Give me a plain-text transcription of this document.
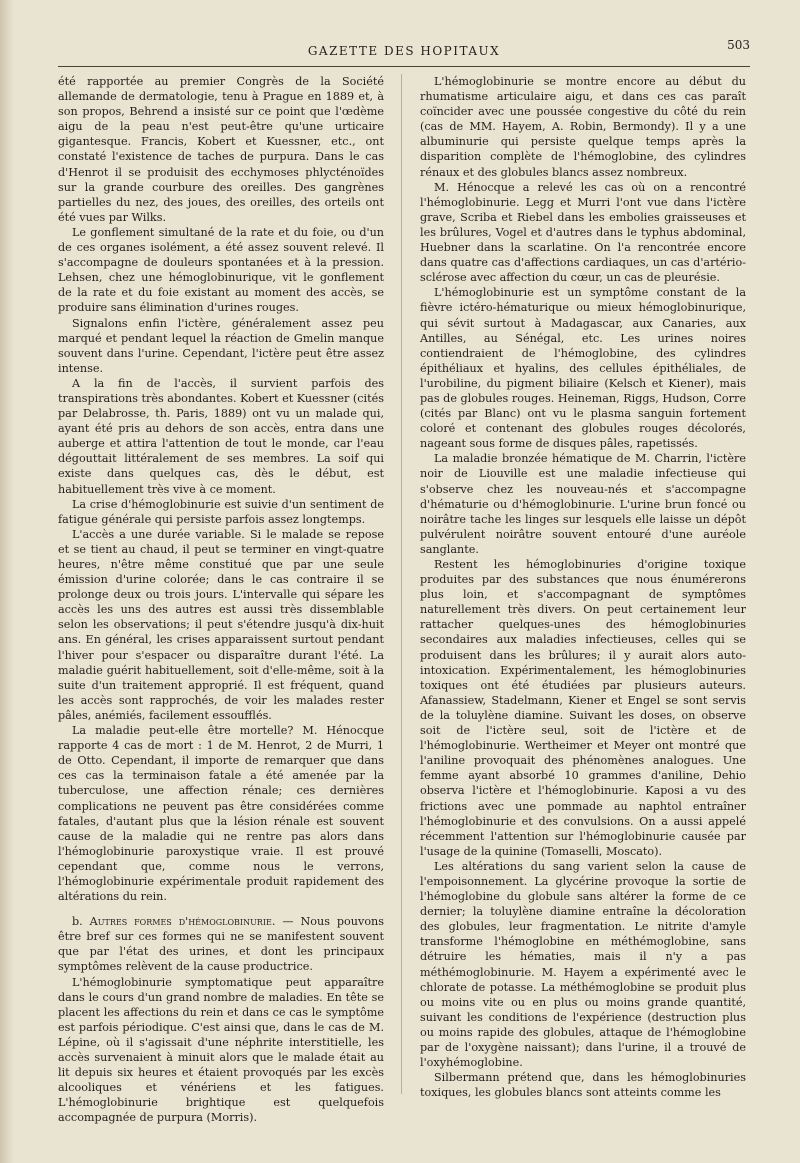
GAZETTE DES HOPITAUX	503

été rapportée au premier Congrès de la Société allemande de dermatologie, tenu à Prague en 1889 et, à son propos, Behrend a insisté sur ce point que l'œdème aigu de la peau n'est peut-être qu'une urticaire gigantesque. Francis, Kobert et Kuessner, etc., ont constaté l'existence de taches de purpura. Dans le cas d'Henrot il se produisit des ecchymoses phlycténoïdes sur la grande courbure des oreilles. Des gangrènes partielles du nez, des joues, des oreilles, des orteils ont été vues par Wilks.

Le gonflement simultané de la rate et du foie, ou d'un de ces organes isolément, a été assez souvent relevé. Il s'accompagne de douleurs spontanées et à la pression. Lehsen, chez une hémoglobinurique, vit le gonflement de la rate et du foie existant au moment des accès, se produire sans élimination d'urines rouges.

Signalons enfin l'ictère, généralement assez peu marqué et pendant lequel la réaction de Gmelin manque souvent dans l'urine. Cependant, l'ictère peut être assez intense.

A la fin de l'accès, il survient parfois des transpirations très abondantes. Kobert et Kuessner (cités par Delabrosse, th. Paris, 1889) ont vu un malade qui, ayant été pris au dehors de son accès, entra dans une auberge et attira l'attention de tout le monde, car l'eau dégouttait littéralement de ses membres. La soif qui existe dans quelques cas, dès le début, est habituellement très vive à ce moment.

La crise d'hémoglobinurie est suivie d'un sentiment de fatigue générale qui persiste parfois assez longtemps.

L'accès a une durée variable. Si le malade se repose et se tient au chaud, il peut se terminer en vingt-quatre heures, n'être même constitué que par une seule émission d'urine colorée; dans le cas contraire il se prolonge deux ou trois jours. L'intervalle qui sépare les accès les uns des autres est aussi très dissemblable selon les observations; il peut s'étendre jusqu'à dix-huit ans. En général, les crises apparaissent surtout pendant l'hiver pour s'espacer ou disparaître durant l'été. La maladie guérit habituellement, soit d'elle-même, soit à la suite d'un traitement approprié. Il est fréquent, quand les accès sont rapprochés, de voir les malades rester pâles, anémiés, facilement essoufflés.

La maladie peut-elle être mortelle? M. Hénocque rapporte 4 cas de mort : 1 de M. Henrot, 2 de Murri, 1 de Otto. Cependant, il importe de remarquer que dans ces cas la terminaison fatale a été amenée par la tuberculose, une affection rénale; ces dernières complications ne peuvent pas être considérées comme fatales, d'autant plus que la lésion rénale est souvent cause de la maladie qui ne rentre pas alors dans l'hémoglobinurie paroxystique vraie. Il est prouvé cependant que, comme nous le verrons, l'hémoglobinurie expérimentale produit rapidement des altérations du rein.

b. Autres formes d'hémoglobinurie. — Nous pouvons être bref sur ces formes qui ne se manifestent souvent que par l'état des urines, et dont les principaux symptômes relèvent de la cause productrice.

L'hémoglobinurie symptomatique peut apparaître dans le cours d'un grand nombre de maladies. En tête se placent les affections du rein et dans ce cas le symptôme est parfois périodique. C'est ainsi que, dans le cas de M. Lépine, où il s'agissait d'une néphrite interstitielle, les accès survenaient à minuit alors que le malade était au lit depuis six heures et étaient provoqués par les excès alcooliques et vénériens et les fatigues. L'hémoglobinurie brightique est quelquefois accompagnée de purpura (Morris).

L'hémoglobinurie se montre encore au début du rhumatisme articulaire aigu, et dans ces cas paraît coïncider avec une poussée congestive du côté du rein (cas de MM. Hayem, A. Robin, Bermondy). Il y a une albuminurie qui persiste quelque temps après la disparition complète de l'hémoglobine, des cylindres rénaux et des globules blancs assez nombreux.

M. Hénocque a relevé les cas où on a rencontré l'hémoglobinurie. Legg et Murri l'ont vue dans l'ictère grave, Scriba et Riebel dans les embolies graisseuses et les brûlures, Vogel et d'autres dans le typhus abdominal, Huebner dans la scarlatine. On l'a rencontrée encore dans quatre cas d'affections cardiaques, un cas d'artério-sclérose avec affection du cœur, un cas de pleurésie.

L'hémoglobinurie est un symptôme constant de la fièvre ictéro-hématurique ou mieux hémoglobinurique, qui sévit surtout à Madagascar, aux Canaries, aux Antilles, au Sénégal, etc. Les urines noires contiendraient de l'hémoglobine, des cylindres épithéliaux et hyalins, des cellules épithéliales, de l'urobiline, du pigment biliaire (Kelsch et Kiener), mais pas de globules rouges. Heineman, Riggs, Hudson, Corre (cités par Blanc) ont vu le plasma sanguin fortement coloré et contenant des globules rouges décolorés, nageant sous forme de disques pâles, rapetissés.

La maladie bronzée hématique de M. Charrin, l'ictère noir de Liouville est une maladie infectieuse qui s'observe chez les nouveau-nés et s'accompagne d'hématurie ou d'hémoglobinurie. L'urine brun foncé ou noirâtre tache les linges sur lesquels elle laisse un dépôt pulvérulent noirâtre souvent entouré d'une auréole sanglante.

Restent les hémoglobinuries d'origine toxique produites par des substances que nous énumérerons plus loin, et s'accompagnant de symptômes naturellement très divers. On peut certainement leur rattacher quelques-unes des hémoglobinuries secondaires aux maladies infectieuses, celles qui se produisent dans les brûlures; il y aurait alors auto-intoxication. Expérimentalement, les hémoglobinuries toxiques ont été étudiées par plusieurs auteurs. Afanassiew, Stadelmann, Kiener et Engel se sont servis de la toluylène diamine. Suivant les doses, on observe soit de l'ictère seul, soit de l'ictère et de l'hémoglobinurie. Wertheimer et Meyer ont montré que l'aniline provoquait des phénomènes analogues. Une femme ayant absorbé 10 grammes d'aniline, Dehio observa l'ictère et l'hémoglobinurie. Kaposi a vu des frictions avec une pommade au naphtol entraîner l'hémoglobinurie et des convulsions. On a aussi appelé récemment l'attention sur l'hémoglobinurie causée par l'usage de la quinine (Tomaselli, Moscato).

Les altérations du sang varient selon la cause de l'empoisonnement. La glycérine provoque la sortie de l'hémoglobine du globule sans altérer la forme de ce dernier; la toluylène diamine entraîne la décoloration des globules, leur fragmentation. Le nitrite d'amyle transforme l'hémoglobine en méthémoglobine, sans détruire les hématies, mais il n'y a pas méthémoglobinurie. M. Hayem a expérimenté avec le chlorate de potasse. La méthémoglobine se produit plus ou moins vite ou en plus ou moins grande quantité, suivant les conditions de l'expérience (destruction plus ou moins rapide des globules, attaque de l'hémoglobine par de l'oxygène naissant); dans l'urine, il a trouvé de l'oxyhémoglobine.

Silbermann prétend que, dans les hémoglobinuries toxiques, les globules blancs sont atteints comme les
